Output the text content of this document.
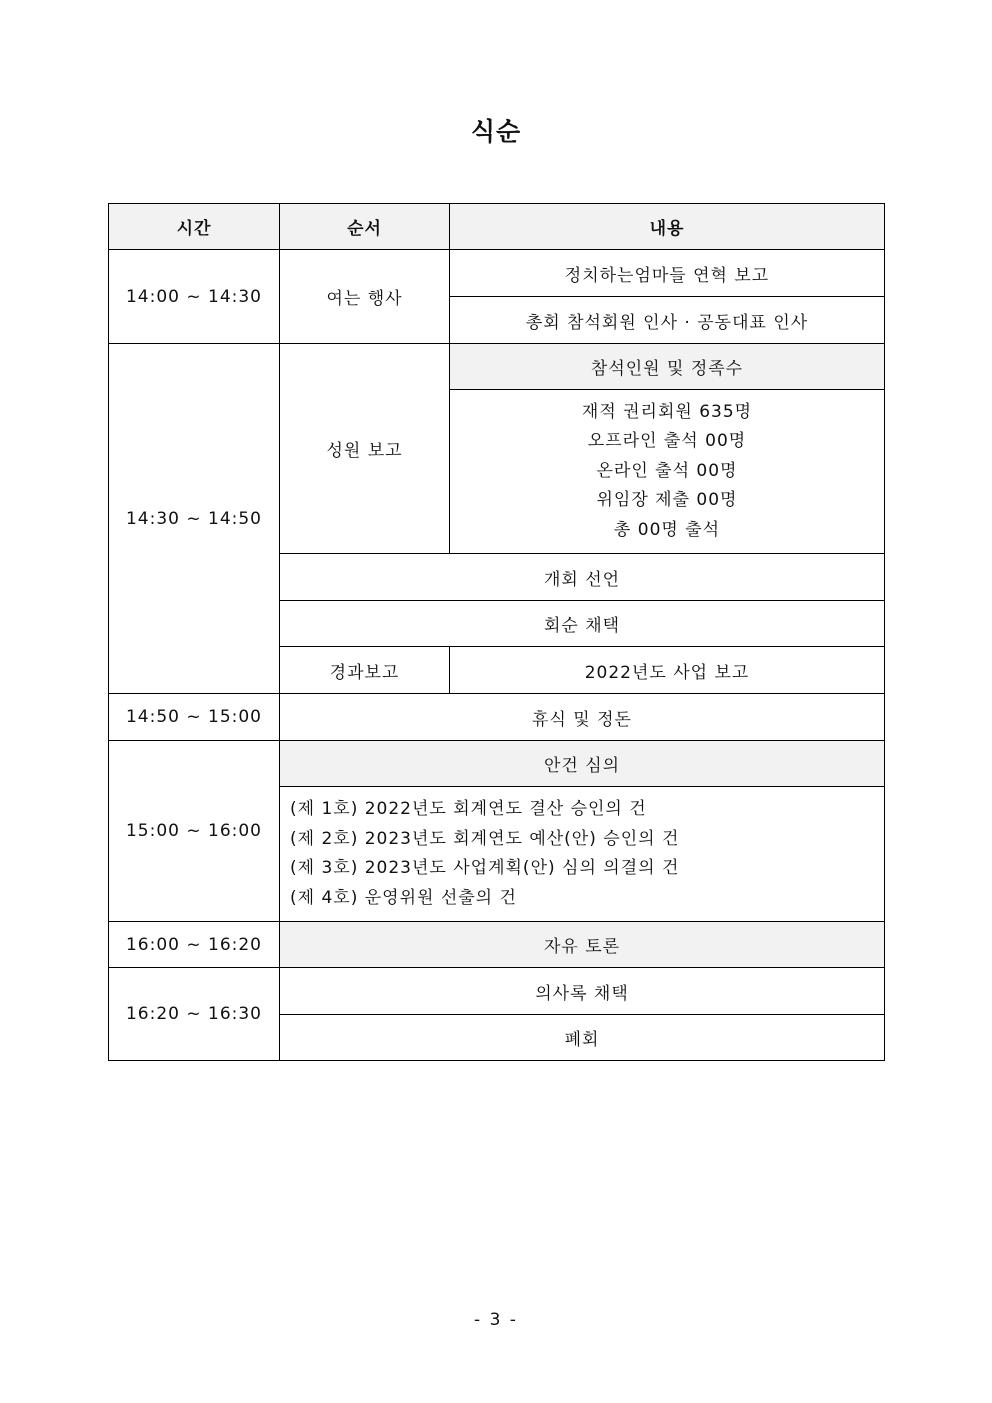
식순
시간	순서	내용
14:00 ~ 14:30	여는 행사	정치하는엄마들 연혁 보고
		총회 참석회원 인사 · 공동대표 인사
14:30 ~ 14:50	성원 보고	참석인원 및 정족수

		재적 권리회원 635명
오프라인 출석 00명
온라인 출석 00명
위임장 제출 00명
총 00명 출석

	개회 선언	
	회순 채택	
	경과보고	2022년도 사업 보고
14:50 ~ 15:00	휴식 및 정돈	
15:00 ~ 16:00	안건 심의	

	(제 1호) 2022년도 회계연도 결산 승인의 건
(제 2호) 2023년도 회계연도 예산(안) 승인의 건
(제 3호) 2023년도 사업계획(안) 심의 의결의 건
(제 4호) 운영위원 선출의 건	

16:00 ~ 16:20	자유 토론	
16:20 ~ 16:30	의사록 채택	
	폐회	
- 3 -
